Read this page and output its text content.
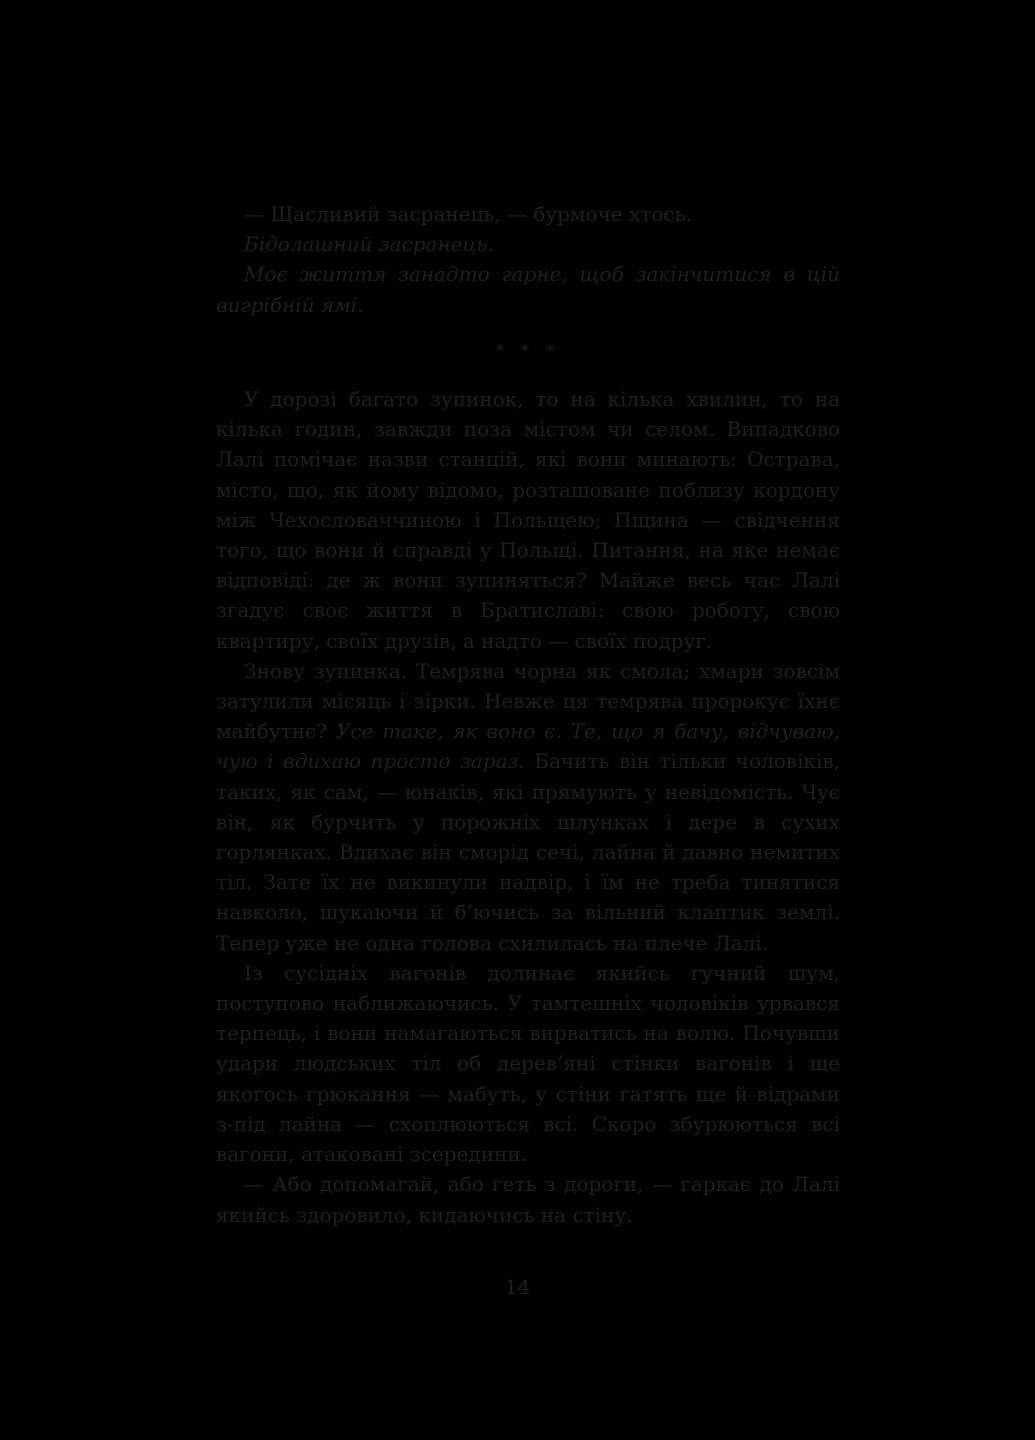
— Щасливий засранець, — бурмоче хтось.

Бідолашний засранець.

Моє життя занадто гарне, щоб закінчитися в цій вигрібній ямі.

* * *

У дорозі багато зупинок, то на кілька хвилин, то на кілька годин, завжди поза містом чи селом. Випадково Лалі помічає назви станцій, які вони минають: Острава, місто, що, як йому відомо, розташоване поблизу кордону між Чехословаччиною і Польщею; Пщина — свідчення того, що вони й справді у Польщі. Питання, на яке немає відповіді: де ж вони зупиняться? Майже весь час Лалі згадує своє життя в Братиславі: свою роботу, свою квартиру, своїх друзів, а надто — своїх подруг.

Знову зупинка. Темрява чорна як смола; хмари зовсім затулили місяць і зірки. Невже ця темрява пророкує їхнє майбутнє? Усе таке, як воно є. Те, що я бачу, відчуваю, чую і вдихаю просто зараз. Бачить він тільки чоловіків, таких, як сам, — юнаків, які прямують у невідомість. Чує він, як бурчить у порожніх шлунках і дере в сухих горлянках. Вдихає він сморід сечі, лайна й давно немитих тіл. Зате їх не викинули надвір, і їм не треба тинятися навколо, шукаючи й б’ючись за вільний клаптик землі. Тепер уже не одна голова схилилась на плече Лалі.

Із сусідніх вагонів долинає якийсь гучний шум, поступово наближаючись. У тамтешніх чоловіків урвався терпець, і вони намагаються вирватись на волю. Почувши удари людських тіл об дерев’яні стінки вагонів і ще якогось грюкання — мабуть, у стіни гатять ще й відрами з-під лайна — схоплюються всі. Скоро збурюються всі вагони, атаковані зсередини.

— Або допомагай, або геть з дороги, — гаркає до Лалі якийсь здоровило, кидаючись на стіну.

14
